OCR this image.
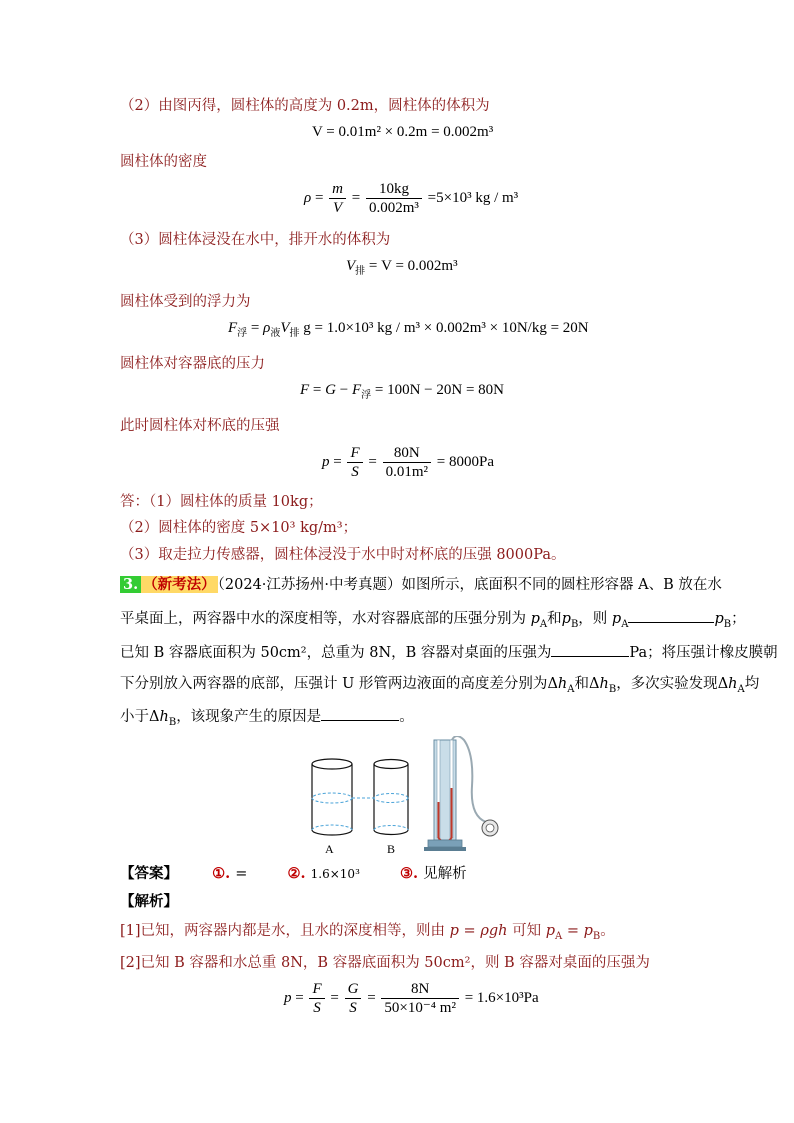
（2）由图丙得，圆柱体的高度为 0.2m，圆柱体的体积为
V = 0.01m² × 0.2m = 0.002m³
圆柱体的密度
$\rho = \frac{m}{V} = \frac{10kg}{\text{0.002m³}} =5\times 10^3$ kg / m³
（3）圆柱体浸没在水中，排开水的体积为
$V_排 = V = 0.002m^3$
圆柱体受到的浮力为
$F_浮 = \rho_液V_排$ g = 1.0×10³ kg / m³ × 0.002m³ × 10N/kg = 20N
圆柱体对容器底的压力
$F = G - F_浮 = 100N - 20N = 80N$
此时圆柱体对杯底的压强
$p = \frac{F}{S} = \frac{80N}{\text{0.01m²}} = 8000Pa$
答：（1）圆柱体的质量 10kg；
（2）圆柱体的密度 5×10³ kg/m³；
（3）取走拉力传感器，圆柱体浸没于水中时对杯底的压强 8000Pa。
3. （新考法） （2024·江苏扬州·中考真题）如图所示，底面积不同的圆柱形容器 A、B 放在水
平桌面上，两容器中水的深度相等，水对容器底部的压强分别为 $p_A$和$p_B$，则 $p_A$	$p_B$；
已知 B 容器底面积为 50cm²，总重为 8N，B 容器对桌面的压强为	Pa；将压强计橡皮膜朝
下分别放入两容器的底部，压强计 U 形管两边液面的高度差分别为$\Delta h_A$和$\Delta h_B$，多次实验发现$\Delta h_A$均
小于$\Delta h_B$，该现象产生的原因是	。
A	B
【答案】 ①. =	②. 1.6×10³	③. 见解析
【解析】
[1]已知，两容器内都是水，且水的深度相等，则由 p = ρgh 可知 $p_A = p_B$。
[2]已知 B 容器和水总重 8N，B 容器底面积为 50cm²，则 B 容器对桌面的压强为
$p = \frac{F}{S} = \frac{G}{S} = \frac{8N}{\text{50×10⁻⁴ m²}} = 1.6\times 10^3Pa$
